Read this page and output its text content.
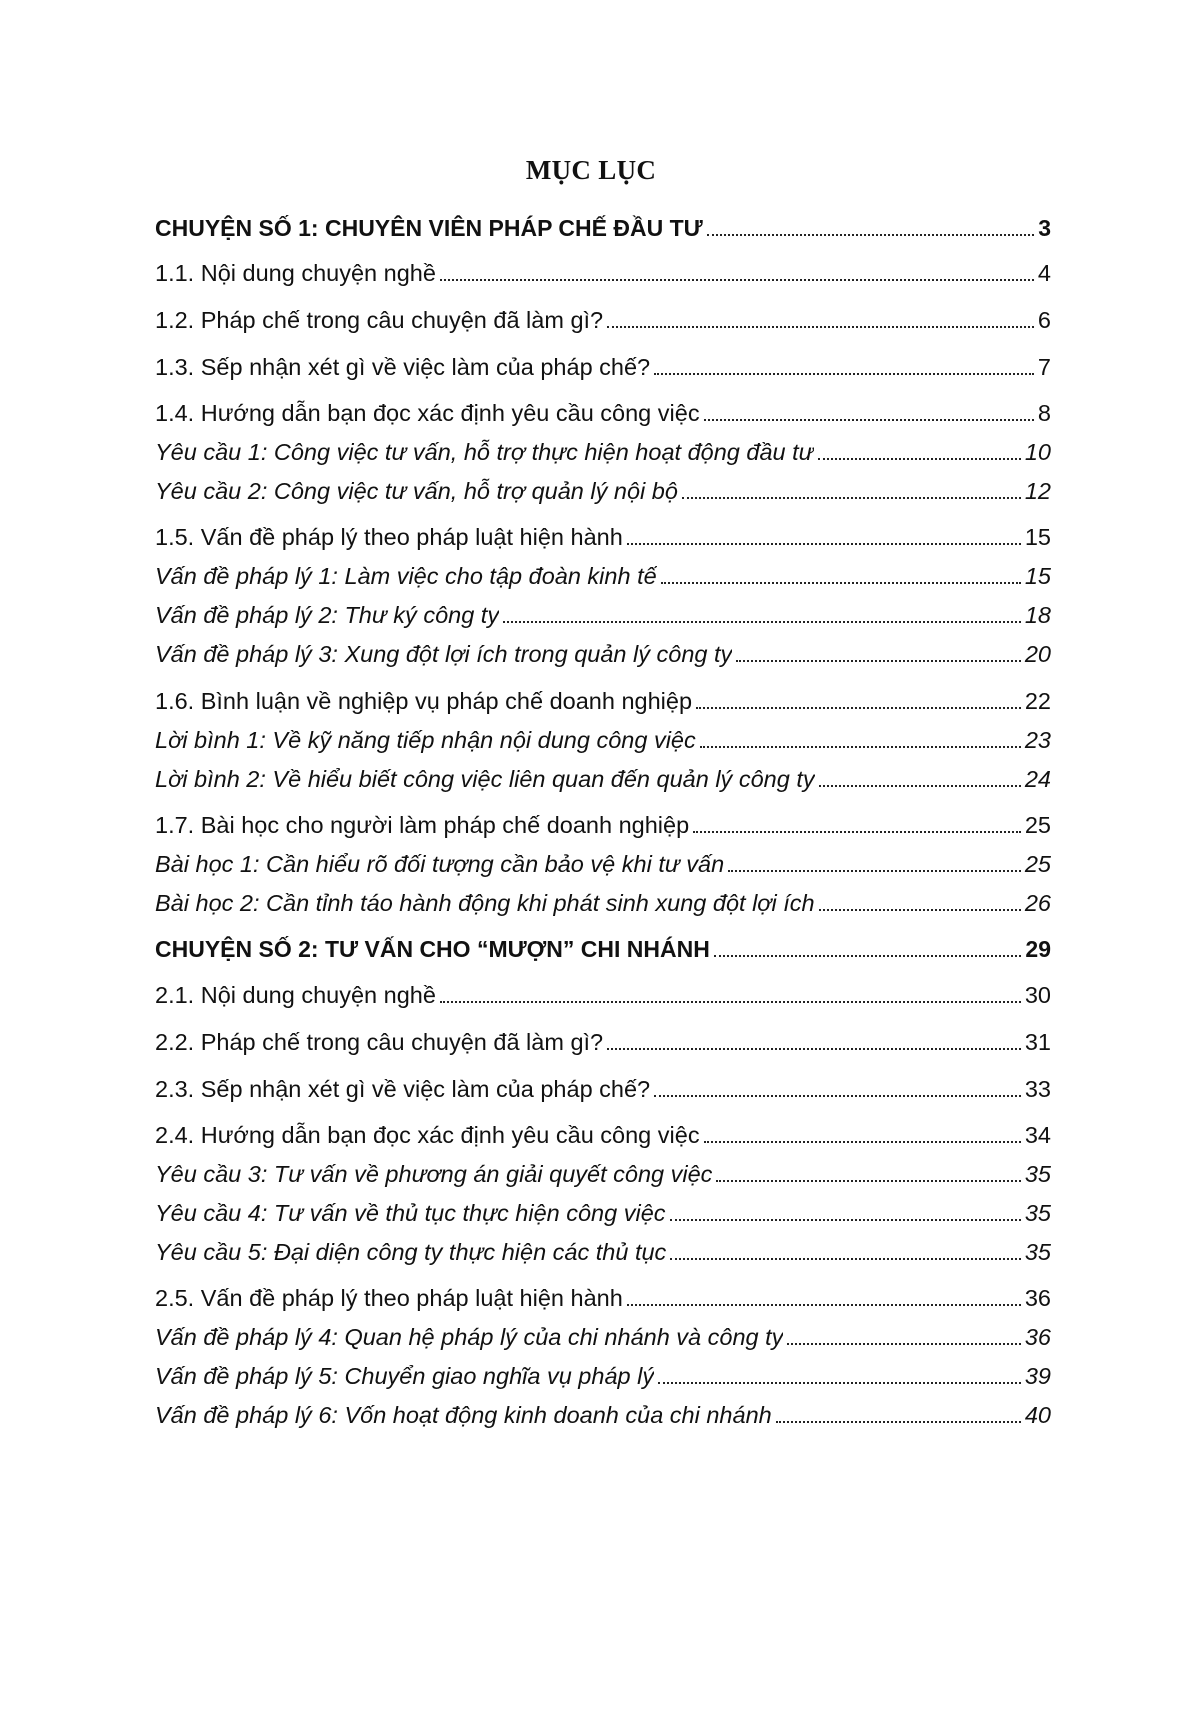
MỤC LỤC
CHUYỆN SỐ 1: CHUYÊN VIÊN PHÁP CHẾ ĐẦU TƯ	3
1.1. Nội dung chuyện nghề	4
1.2. Pháp chế trong câu chuyện đã làm gì?	6
1.3. Sếp nhận xét gì về việc làm của pháp chế?	7
1.4. Hướng dẫn bạn đọc xác định yêu cầu công việc	8
Yêu cầu 1: Công việc tư vấn, hỗ trợ thực hiện hoạt động đầu tư	10
Yêu cầu 2: Công việc tư vấn, hỗ trợ quản lý nội bộ	12
1.5. Vấn đề pháp lý theo pháp luật hiện hành	15
Vấn đề pháp lý 1: Làm việc cho tập đoàn kinh tế	15
Vấn đề pháp lý 2: Thư ký công ty	18
Vấn đề pháp lý 3: Xung đột lợi ích trong quản lý công ty	20
1.6. Bình luận về nghiệp vụ pháp chế doanh nghiệp	22
Lời bình 1: Về kỹ năng tiếp nhận nội dung công việc	23
Lời bình 2: Về hiểu biết công việc liên quan đến quản lý công ty	24
1.7. Bài học cho người làm pháp chế doanh nghiệp	25
Bài học 1: Cần hiểu rõ đối tượng cần bảo vệ khi tư vấn	25
Bài học 2: Cần tỉnh táo hành động khi phát sinh xung đột lợi ích	26
CHUYỆN SỐ 2: TƯ VẤN CHO “MƯỢN” CHI NHÁNH	29
2.1. Nội dung chuyện nghề	30
2.2. Pháp chế trong câu chuyện đã làm gì?	31
2.3. Sếp nhận xét gì về việc làm của pháp chế?	33
2.4. Hướng dẫn bạn đọc xác định yêu cầu công việc	34
Yêu cầu 3: Tư vấn về phương án giải quyết công việc	35
Yêu cầu 4: Tư vấn về thủ tục thực hiện công việc	35
Yêu cầu 5: Đại diện công ty thực hiện các thủ tục	35
2.5. Vấn đề pháp lý theo pháp luật hiện hành	36
Vấn đề pháp lý 4: Quan hệ pháp lý của chi nhánh và công ty	36
Vấn đề pháp lý 5: Chuyển giao nghĩa vụ pháp lý	39
Vấn đề pháp lý 6: Vốn hoạt động kinh doanh của chi nhánh	40
